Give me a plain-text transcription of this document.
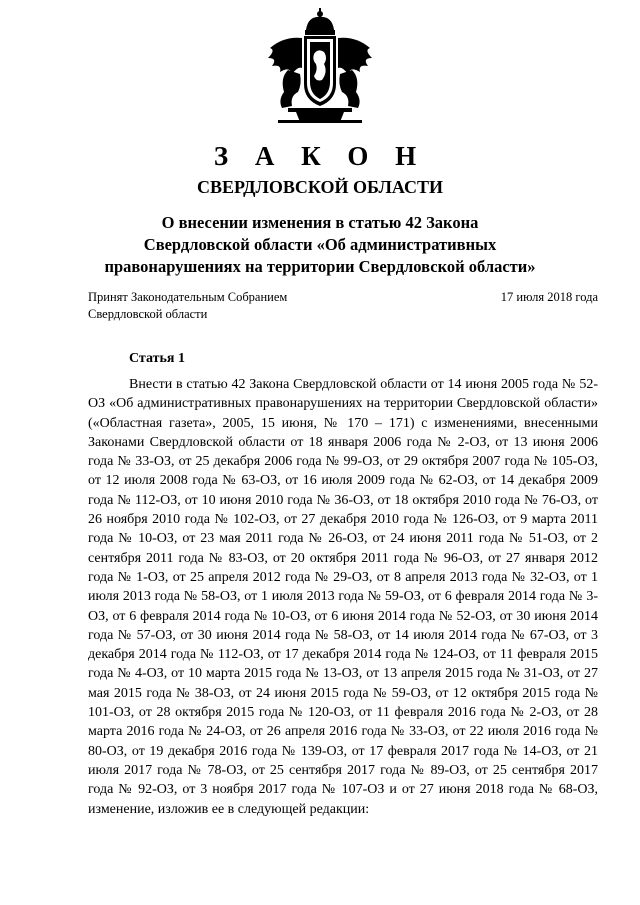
З А К О Н
СВЕРДЛОВСКОЙ ОБЛАСТИ
О внесении изменения в статью 42 Закона
Свердловской области «Об административных
правонарушениях на территории Свердловской области»
Принят Законодательным Собранием
Свердловской области
17 июля 2018 года
Статья 1

Внести в статью 42 Закона Свердловской области от 14 июня 2005 года № 52-ОЗ «Об административных правонарушениях на территории Свердловской области» («Областная газета», 2005, 15 июня, № 170 – 171) с изменениями, внесенными Законами Свердловской области от 18 января 2006 года № 2-ОЗ, от 13 июня 2006 года № 33-ОЗ, от 25 декабря 2006 года № 99-ОЗ, от 29 октября 2007 года № 105-ОЗ, от 12 июля 2008 года № 63-ОЗ, от 16 июля 2009 года № 62-ОЗ, от 14 декабря 2009 года № 112-ОЗ, от 10 июня 2010 года № 36-ОЗ, от 18 октября 2010 года № 76-ОЗ, от 26 ноября 2010 года № 102-ОЗ, от 27 декабря 2010 года № 126-ОЗ, от 9 марта 2011 года № 10-ОЗ, от 23 мая 2011 года № 26-ОЗ, от 24 июня 2011 года № 51-ОЗ, от 2 сентября 2011 года № 83-ОЗ, от 20 октября 2011 года № 96-ОЗ, от 27 января 2012 года № 1-ОЗ, от 25 апреля 2012 года № 29-ОЗ, от 8 апреля 2013 года № 32-ОЗ, от 1 июля 2013 года № 58-ОЗ, от 1 июля 2013 года № 59-ОЗ, от 6 февраля 2014 года № 3-ОЗ, от 6 февраля 2014 года № 10-ОЗ, от 6 июня 2014 года № 52-ОЗ, от 30 июня 2014 года № 57-ОЗ, от 30 июня 2014 года № 58-ОЗ, от 14 июля 2014 года № 67-ОЗ, от 3 декабря 2014 года № 112-ОЗ, от 17 декабря 2014 года № 124-ОЗ, от 11 февраля 2015 года № 4-ОЗ, от 10 марта 2015 года № 13-ОЗ, от 13 апреля 2015 года № 31-ОЗ, от 27 мая 2015 года № 38-ОЗ, от 24 июня 2015 года № 59-ОЗ, от 12 октября 2015 года № 101-ОЗ, от 28 октября 2015 года № 120-ОЗ, от 11 февраля 2016 года № 2-ОЗ, от 28 марта 2016 года № 24-ОЗ, от 26 апреля 2016 года № 33-ОЗ, от 22 июля 2016 года № 80-ОЗ, от 19 декабря 2016 года № 139-ОЗ, от 17 февраля 2017 года № 14-ОЗ, от 21 июля 2017 года № 78-ОЗ, от 25 сентября 2017 года № 89-ОЗ, от 25 сентября 2017 года № 92-ОЗ, от 3 ноября 2017 года № 107-ОЗ и от 27 июня 2018 года № 68-ОЗ, изменение, изложив ее в следующей редакции:
